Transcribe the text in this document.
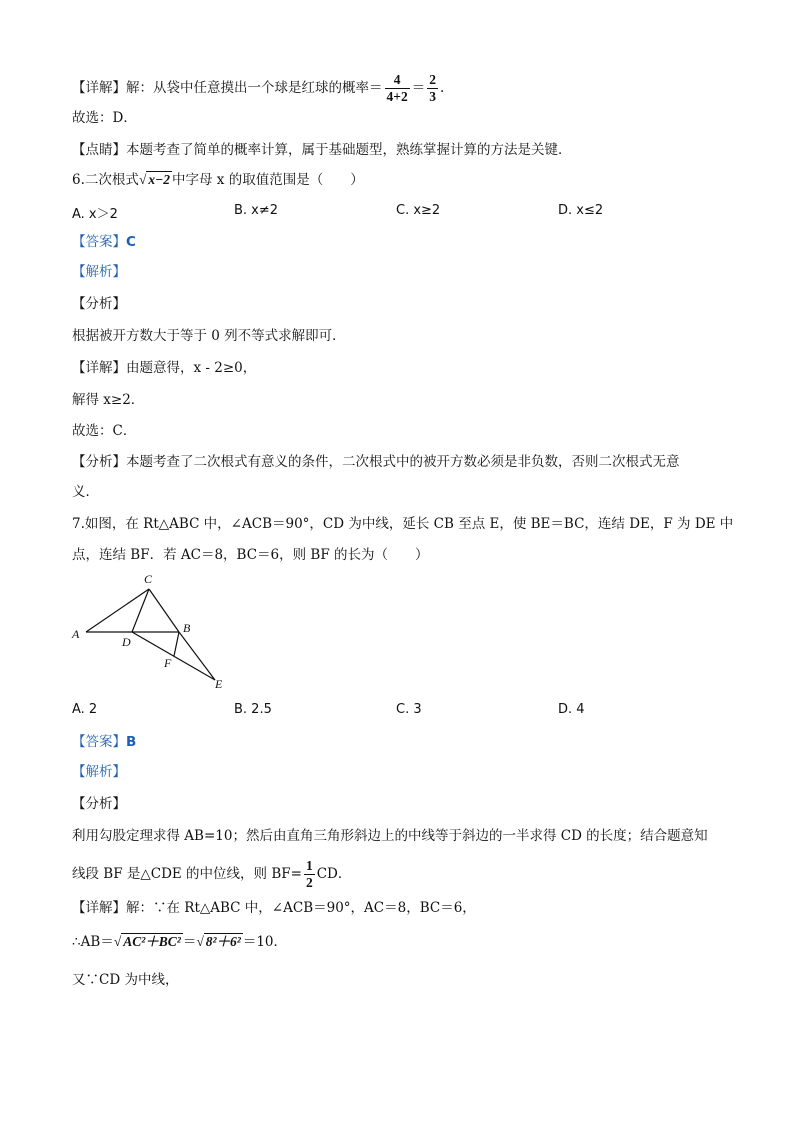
【详解】解：从袋中任意摸出一个球是红球的概率＝ $\frac{4}{4+2} = \frac{2}{3}$ .
故选：D．
【点睛】本题考查了简单的概率计算，属于基础题型，熟练掌握计算的方法是关键．
6.二次根式√ x−2 中字母 x 的取值范围是（　　）
A. x＞2	B. x≠2	C. x≥2	D. x≤2
【答案】C
【解析】
【分析】
根据被开方数大于等于 0 列不等式求解即可．
【详解】由题意得，x - 2≥0，
解得 x≥2．
故选：C．
【分析】本题考查了二次根式有意义的条件，二次根式中的被开方数必须是非负数，否则二次根式无意
义．
7.如图，在 Rt△ABC 中，∠ACB＝90°，CD 为中线，延长 CB 至点 E，使 BE＝BC，连结 DE，F 为 DE 中
点，连结 BF．若 AC＝8，BC＝6，则 BF 的长为（　　）
C
A
D
B
F
E
A. 2	B. 2.5	C. 3	D. 4
【答案】B
【解析】
【分析】
利用勾股定理求得 AB=10；然后由直角三角形斜边上的中线等于斜边的一半求得 CD 的长度；结合题意知
线段 BF 是△CDE 的中位线，则 $BF= \frac{1}{2}$ CD．
【详解】解：∵在 Rt△ABC 中，∠ACB＝90°，AC＝8，BC＝6，
∴AB＝√ AC²＋BC² ＝√ 8²＋6² ＝10．
又∵CD 为中线，
